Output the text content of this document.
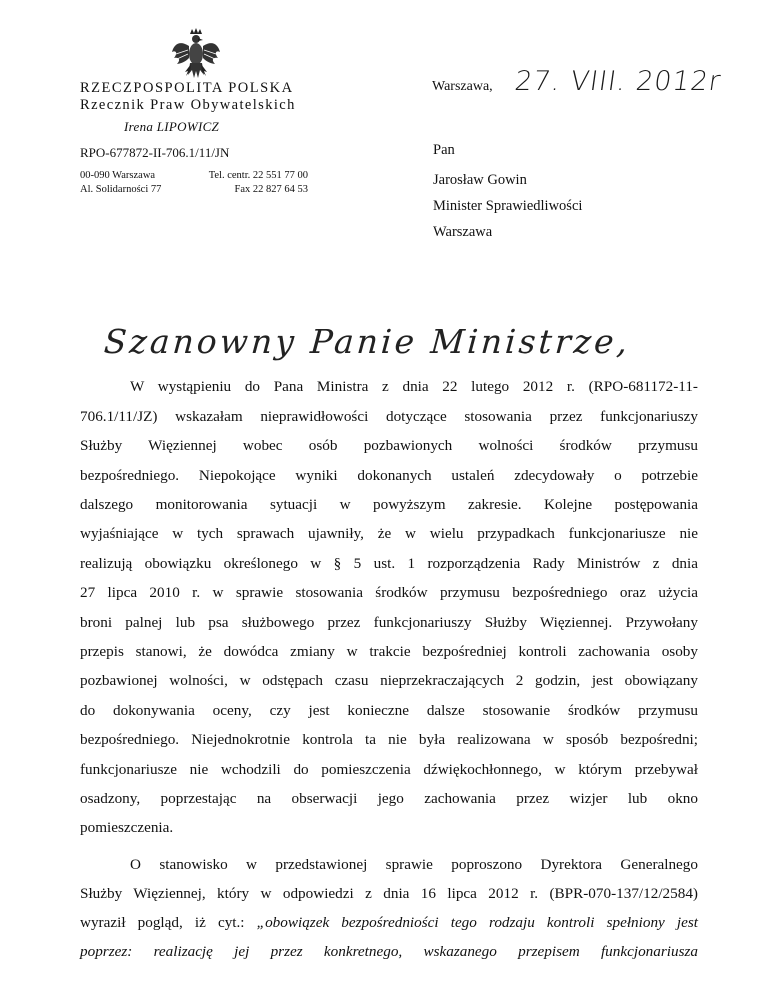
RZECZPOSPOLITA POLSKA
Rzecznik Praw Obywatelskich
Irena LIPOWICZ
RPO-677872-II-706.1/11/JN
00-090 Warszawa
Al. Solidarności 77
Tel. centr. 22 551 77 00
Fax 22 827 64 53
Warszawa, 27. VIII. 2012r
Pan
Jarosław Gowin
Minister Sprawiedliwości
Warszawa
Szanowny Panie Ministrze,
W wystąpieniu do Pana Ministra z dnia 22 lutego 2012 r. (RPO-681172-11-
706.1/11/JZ) wskazałam nieprawidłowości dotyczące stosowania przez funkcjonariuszy
Służby Więziennej wobec osób pozbawionych wolności środków przymusu
bezpośredniego. Niepokojące wyniki dokonanych ustaleń zdecydowały o potrzebie
dalszego monitorowania sytuacji w powyższym zakresie. Kolejne postępowania
wyjaśniające w tych sprawach ujawniły, że w wielu przypadkach funkcjonariusze nie
realizują obowiązku określonego w § 5 ust. 1 rozporządzenia Rady Ministrów z dnia
27 lipca 2010 r. w sprawie stosowania środków przymusu bezpośredniego oraz użycia
broni palnej lub psa służbowego przez funkcjonariuszy Służby Więziennej. Przywołany
przepis stanowi, że dowódca zmiany w trakcie bezpośredniej kontroli zachowania osoby
pozbawionej wolności, w odstępach czasu nieprzekraczających 2 godzin, jest obowiązany
do dokonywania oceny, czy jest konieczne dalsze stosowanie środków przymusu
bezpośredniego. Niejednokrotnie kontrola ta nie była realizowana w sposób bezpośredni;
funkcjonariusze nie wchodzili do pomieszczenia dźwiękochłonnego, w którym przebywał
osadzony, poprzestając na obserwacji jego zachowania przez wizjer lub okno
pomieszczenia.
O stanowisko w przedstawionej sprawie poproszono Dyrektora Generalnego
Służby Więziennej, który w odpowiedzi z dnia 16 lipca 2012 r. (BPR-070-137/12/2584)
wyraził pogląd, iż cyt.: „obowiązek bezpośredniości tego rodzaju kontroli spełniony jest
poprzez: realizację jej przez konkretnego, wskazanego przepisem funkcjonariusza
